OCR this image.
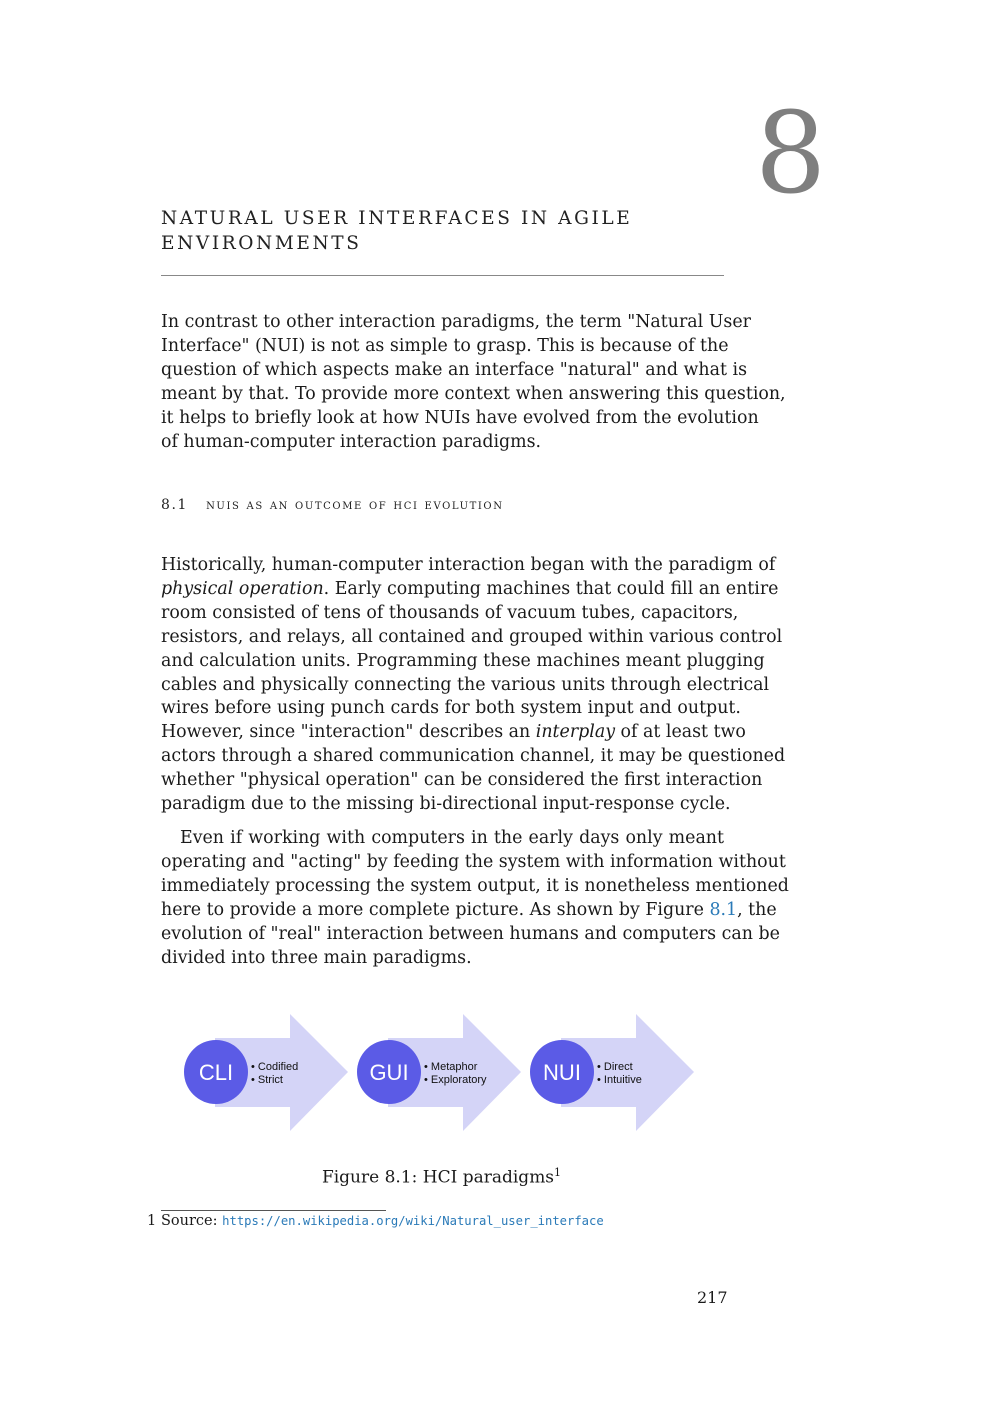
8
NATURAL USER INTERFACES IN AGILE
ENVIRONMENTS
In contrast to other interaction paradigms, the term "Natural User
Interface" (NUI) is not as simple to grasp. This is because of the
question of which aspects make an interface "natural" and what is
meant by that. To provide more context when answering this question,
it helps to briefly look at how NUIs have evolved from the evolution
of human-computer interaction paradigms.
8.1 nuis as an outcome of hci evolution
Historically, human-computer interaction began with the paradigm of
physical operation. Early computing machines that could fill an entire
room consisted of tens of thousands of vacuum tubes, capacitors,
resistors, and relays, all contained and grouped within various control
and calculation units. Programming these machines meant plugging
cables and physically connecting the various units through electrical
wires before using punch cards for both system input and output.
However, since "interaction" describes an interplay of at least two
actors through a shared communication channel, it may be questioned
whether "physical operation" can be considered the first interaction
paradigm due to the missing bi-directional input-response cycle.
Even if working with computers in the early days only meant
operating and "acting" by feeding the system with information without
immediately processing the system output, it is nonetheless mentioned
here to provide a more complete picture. As shown by Figure 8.1, the
evolution of "real" interaction between humans and computers can be
divided into three main paradigms.
CLI • Codified
• Strict	GUI • Metaphor
• Exploratory	NUI • Direct
• Intuitive
Figure 8.1: HCI paradigms$^1$
1 Source: https://en.wikipedia.org/wiki/Natural_user_interface
217
